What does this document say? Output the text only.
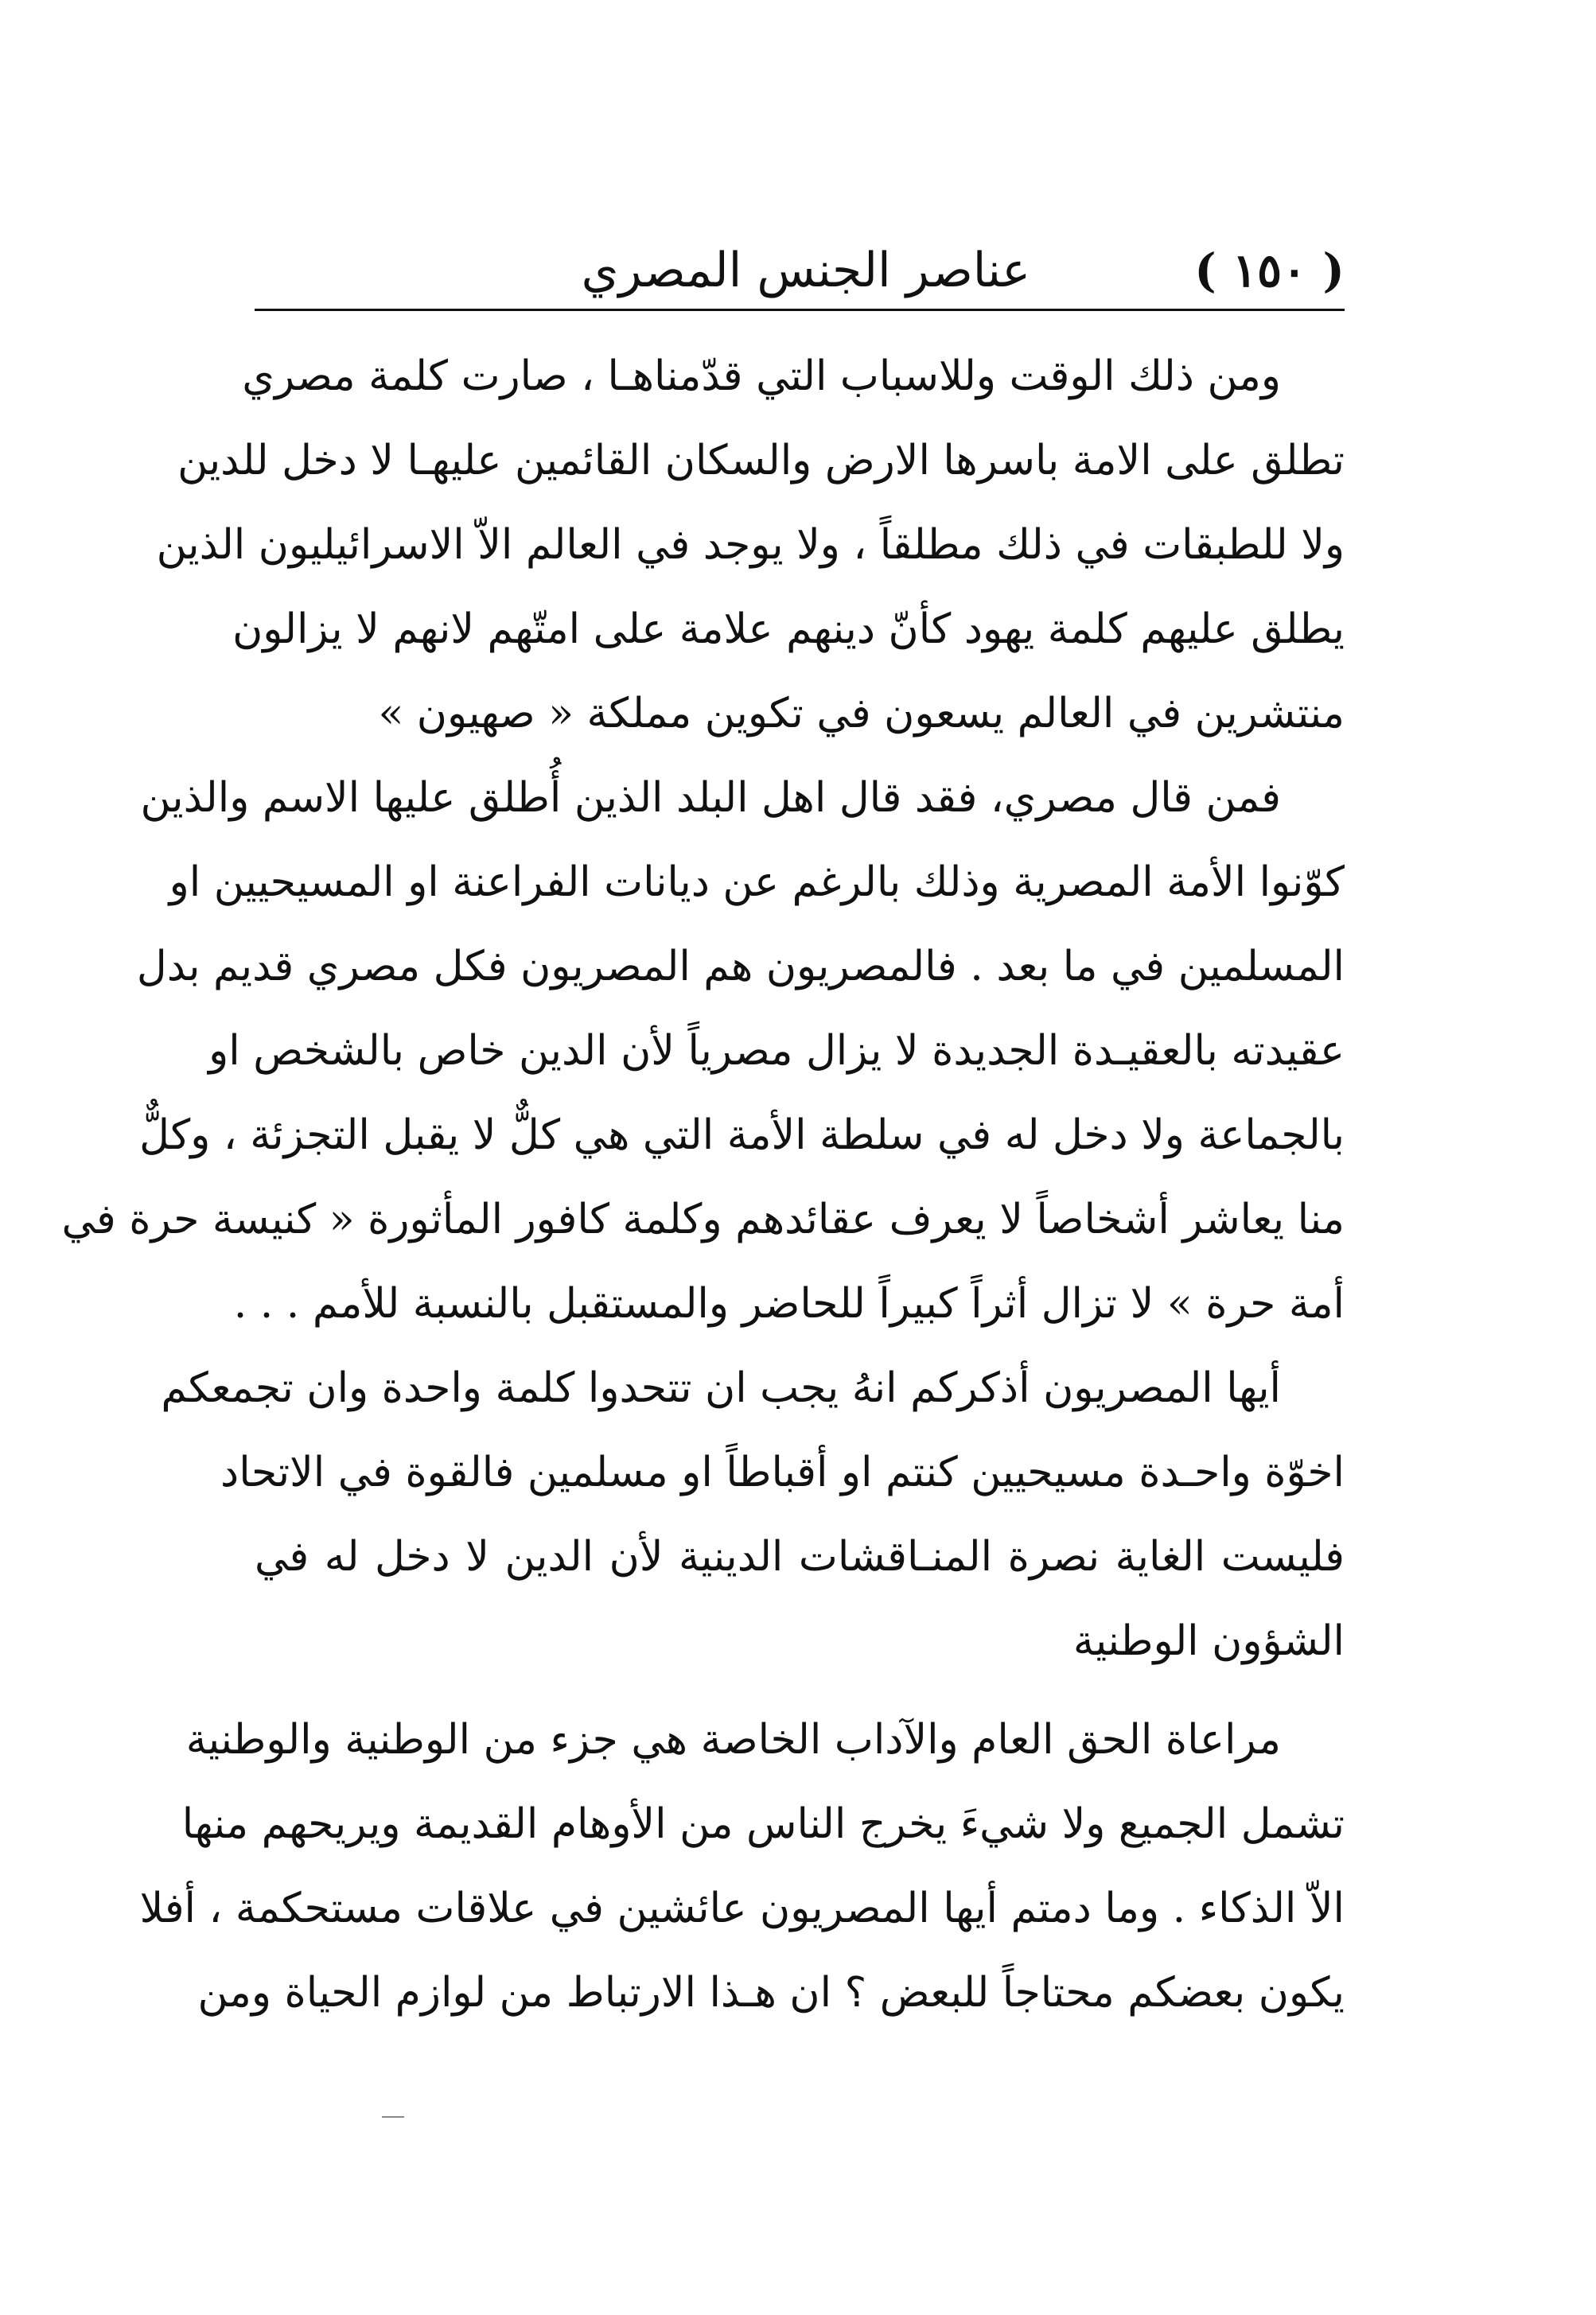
( ١٥٠ )
عناصر الجنس المصري
ومن ذلك الوقت وللاسباب التي قدّمناهـا ، صارت كلمة مصري
تطلق على الامة باسرها الارض والسكان القائمين عليهـا لا دخل للدين
ولا للطبقات في ذلك مطلقاً ، ولا يوجد في العالم الاّ الاسرائيليون الذين
يطلق عليهم كلمة يهود كأنّ دينهم علامة على امتّهم لانهم لا يزالون
منتشرين في العالم يسعون في تكوين مملكة « صهيون »
فمن قال مصري، فقد قال اهل البلد الذين أُطلق عليها الاسم والذين
كوّنوا الأمة المصرية وذلك بالرغم عن ديانات الفراعنة او المسيحيين او
المسلمين في ما بعد . فالمصريون هم المصريون فكل مصري قديم بدل
عقيدته بالعقيـدة الجديدة لا يزال مصرياً لأن الدين خاص بالشخص او
بالجماعة ولا دخل له في سلطة الأمة التي هي كلٌّ لا يقبل التجزئة ، وكلٌّ
منا يعاشر أشخاصاً لا يعرف عقائدهم وكلمة كافور المأثورة « كنيسة حرة في
أمة حرة » لا تزال أثراً كبيراً للحاضر والمستقبل بالنسبة للأمم . . .
أيها المصريون أذكركم انهُ يجب ان تتحدوا كلمة واحدة وان تجمعكم
اخوّة واحـدة مسيحيين كنتم او أقباطاً او مسلمين فالقوة في الاتحاد
فليست الغاية نصرة المنـاقشات الدينية لأن الدين لا دخل له في
الشؤون الوطنية
مراعاة الحق العام والآداب الخاصة هي جزء من الوطنية والوطنية
تشمل الجميع ولا شيءَ يخرج الناس من الأوهام القديمة ويريحهم منها
الاّ الذكاء . وما دمتم أيها المصريون عائشين في علاقات مستحكمة ، أفلا
يكون بعضكم محتاجاً للبعض ؟ ان هـذا الارتباط من لوازم الحياة ومن
